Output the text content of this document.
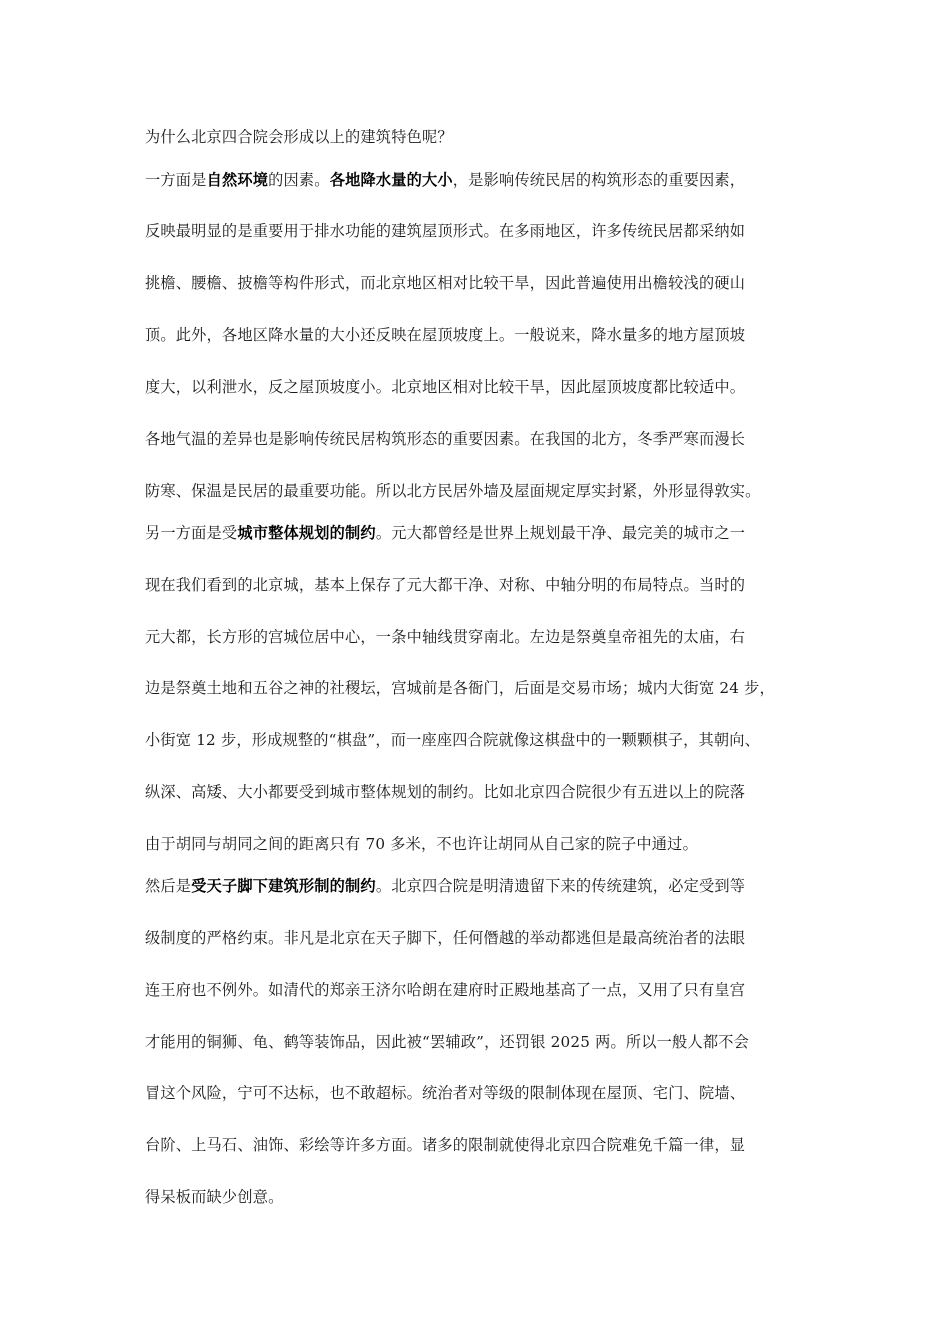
为什么北京四合院会形成以上的建筑特色呢？
一方面是自然环境的因素。各地降水量的大小，是影响传统民居的构筑形态的重要因素，
反映最明显的是重要用于排水功能的建筑屋顶形式。在多雨地区，许多传统民居都采纳如
挑檐、腰檐、披檐等构件形式，而北京地区相对比较干旱，因此普遍使用出檐较浅的硬山
顶。此外，各地区降水量的大小还反映在屋顶坡度上。一般说来，降水量多的地方屋顶坡
度大，以利泄水，反之屋顶坡度小。北京地区相对比较干旱，因此屋顶坡度都比较适中。
各地气温的差异也是影响传统民居构筑形态的重要因素。在我国的北方，冬季严寒而漫长
防寒、保温是民居的最重要功能。所以北方民居外墙及屋面规定厚实封紧，外形显得敦实。
另一方面是受城市整体规划的制约。元大都曾经是世界上规划最干净、最完美的城市之一
现在我们看到的北京城，基本上保存了元大都干净、对称、中轴分明的布局特点。当时的
元大都，长方形的宫城位居中心，一条中轴线贯穿南北。左边是祭奠皇帝祖先的太庙，右
边是祭奠土地和五谷之神的社稷坛，宫城前是各衙门，后面是交易市场；城内大街宽 24 步，
小街宽 12 步，形成规整的“棋盘”，而一座座四合院就像这棋盘中的一颗颗棋子，其朝向、
纵深、高矮、大小都要受到城市整体规划的制约。比如北京四合院很少有五进以上的院落
由于胡同与胡同之间的距离只有 70 多米，不也许让胡同从自己家的院子中通过。
然后是受天子脚下建筑形制的制约。北京四合院是明清遗留下来的传统建筑，必定受到等
级制度的严格约束。非凡是北京在天子脚下，任何僭越的举动都逃但是最高统治者的法眼
连王府也不例外。如清代的郑亲王济尔哈朗在建府时正殿地基高了一点，又用了只有皇宫
才能用的铜狮、龟、鹤等装饰品，因此被“罢辅政”，还罚银 2025 两。所以一般人都不会
冒这个风险，宁可不达标，也不敢超标。统治者对等级的限制体现在屋顶、宅门、院墙、
台阶、上马石、油饰、彩绘等许多方面。诸多的限制就使得北京四合院难免千篇一律，显
得呆板而缺少创意。
